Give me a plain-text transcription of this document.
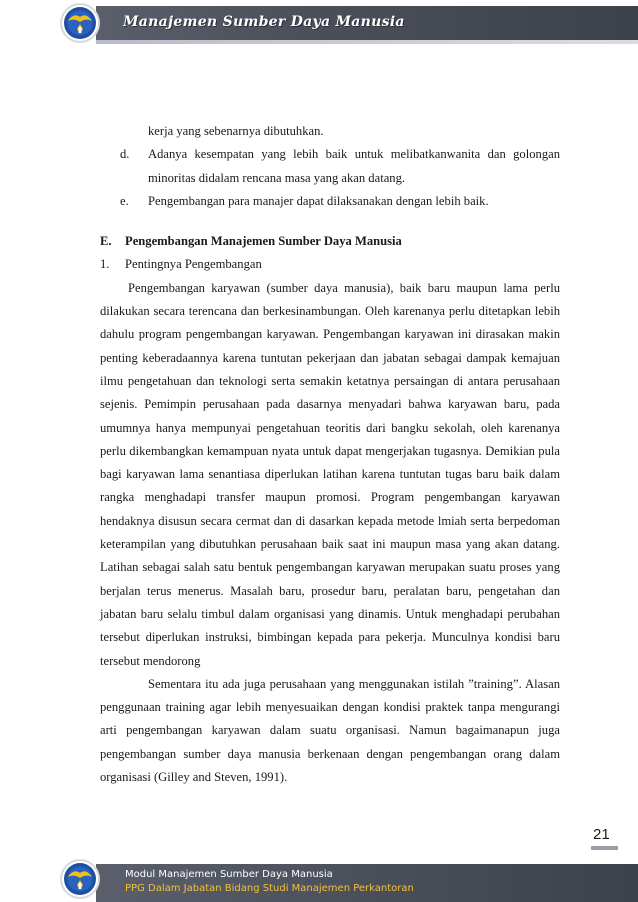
Manajemen Sumber Daya Manusia

kerja yang sebenarnya dibutuhkan.

d.	Adanya kesempatan yang lebih baik untuk melibatkanwanita dan golongan minoritas didalam rencana masa yang akan datang.
e.	Pengembangan para manajer dapat dilaksanakan dengan lebih baik.
E.	Pengembangan Manajemen Sumber Daya Manusia
1.	Pentingnya Pengembangan

Pengembangan karyawan (sumber daya manusia), baik baru maupun lama perlu dilakukan secara terencana dan berkesinambungan. Oleh karenanya perlu ditetapkan lebih dahulu program pengembangan karyawan. Pengembangan karyawan ini dirasakan makin penting keberadaannya karena tuntutan pekerjaan dan jabatan sebagai dampak kemajuan ilmu pengetahuan dan teknologi serta semakin ketatnya persaingan di antara perusahaan sejenis. Pemimpin perusahaan pada dasarnya menyadari bahwa karyawan baru, pada umumnya hanya mempunyai pengetahuan teoritis dari bangku sekolah, oleh karenanya perlu dikembangkan kemampuan nyata untuk dapat mengerjakan tugasnya. Demikian pula bagi karyawan lama senantiasa diperlukan latihan karena tuntutan tugas baru baik dalam rangka menghadapi transfer maupun promosi. Program pengembangan karyawan hendaknya disusun secara cermat dan di dasarkan kepada metode lmiah serta berpedoman keterampilan yang dibutuhkan perusahaan baik saat ini maupun masa yang akan datang. Latihan sebagai salah satu bentuk pengembangan karyawan merupakan suatu proses yang berjalan terus menerus. Masalah baru, prosedur baru, peralatan baru, pengetahan dan jabatan baru selalu timbul dalam organisasi yang dinamis. Untuk menghadapi perubahan tersebut diperlukan instruksi, bimbingan kepada para pekerja. Munculnya kondisi baru tersebut mendorong

Sementara itu ada juga perusahaan yang menggunakan istilah ”training”. Alasan penggunaan training agar lebih menyesuaikan dengan kondisi praktek tanpa mengurangi arti pengembangan karyawan dalam suatu organisasi. Namun bagaimanapun juga pengembangan sumber daya manusia berkenaan dengan pengembangan orang dalam organisasi (Gilley and Steven, 1991).

21
Modul Manajemen Sumber Daya Manusia
PPG Dalam Jabatan Bidang Studi Manajemen Perkantoran
